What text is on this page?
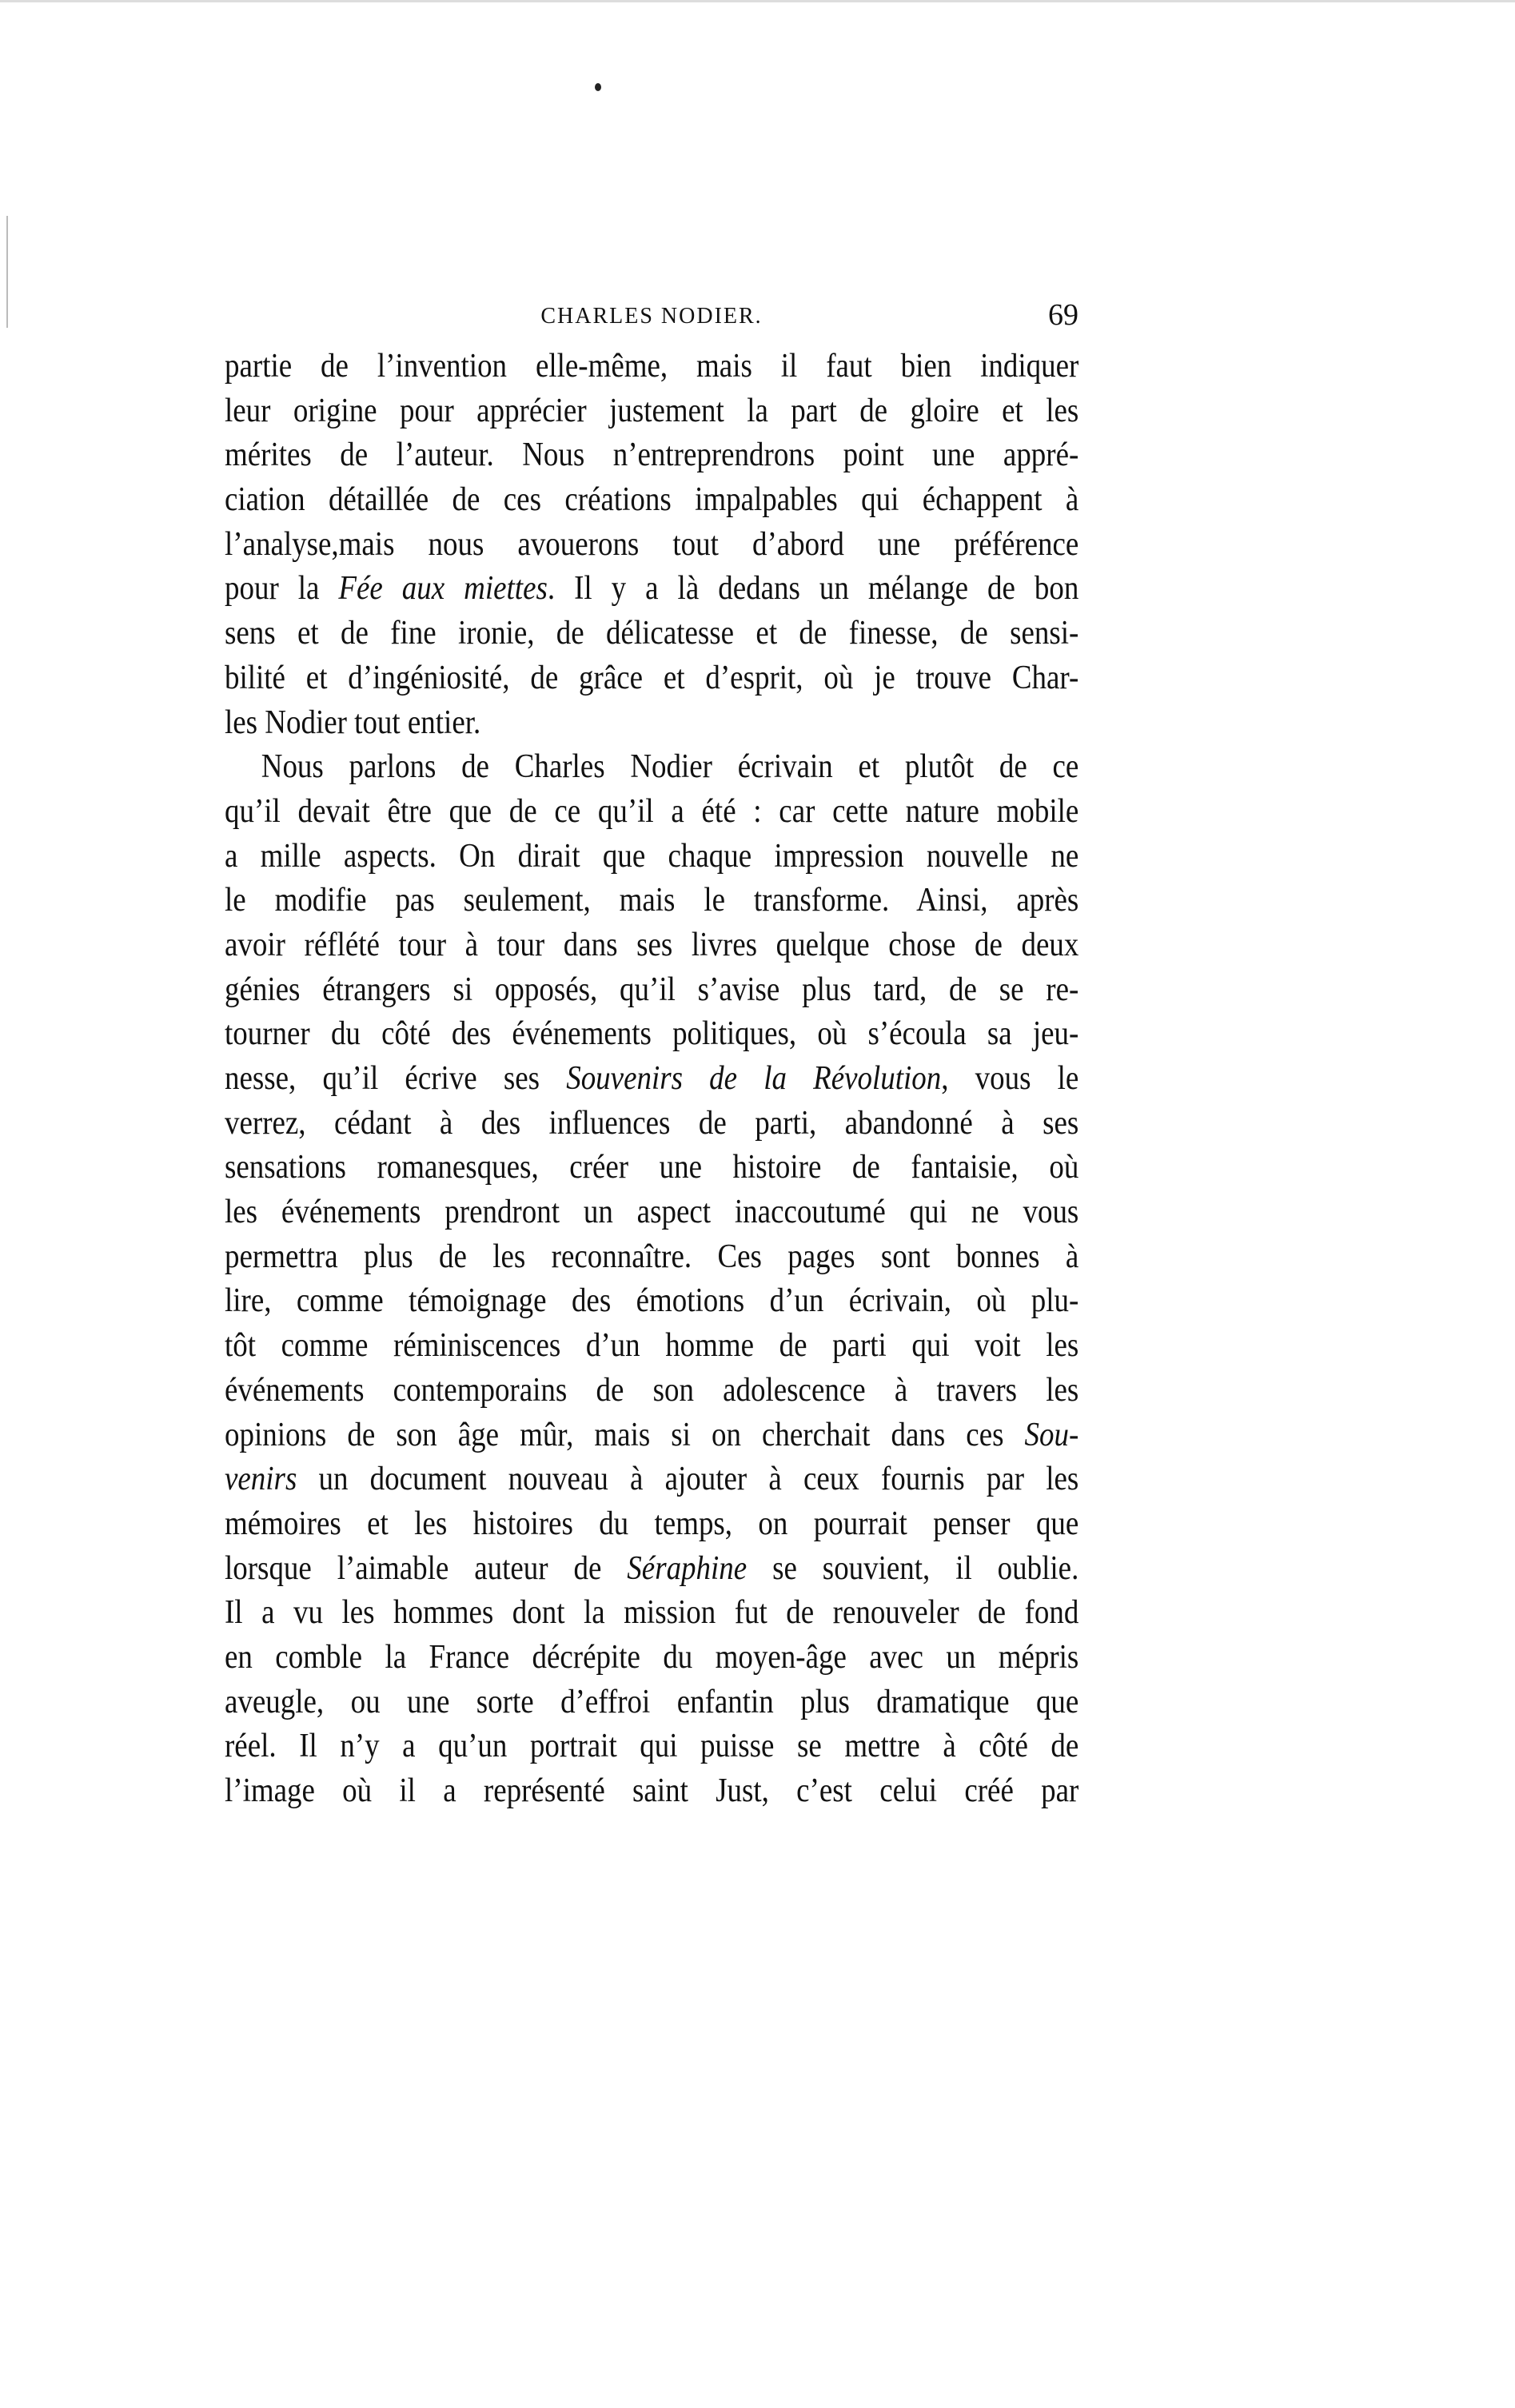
CHARLES NODIER.	69
partie de l’invention elle-même, mais il faut bien indiquer
leur origine pour apprécier justement la part de gloire et les
mérites de l’auteur. Nous n’entreprendrons point une appré-
ciation détaillée de ces créations impalpables qui échappent à
l’analyse,mais nous avouerons tout d’abord une préférence
pour la Fée aux miettes. Il y a là dedans un mélange de bon
sens et de fine ironie, de délicatesse et de finesse, de sensi-
bilité et d’ingéniosité, de grâce et d’esprit, où je trouve Char-
les Nodier tout entier.
Nous parlons de Charles Nodier écrivain et plutôt de ce
qu’il devait être que de ce qu’il a été : car cette nature mobile
a mille aspects. On dirait que chaque impression nouvelle ne
le modifie pas seulement, mais le transforme. Ainsi, après
avoir réflété tour à tour dans ses livres quelque chose de deux
génies étrangers si opposés, qu’il s’avise plus tard, de se re-
tourner du côté des événements politiques, où s’écoula sa jeu-
nesse, qu’il écrive ses Souvenirs de la Révolution, vous le
verrez, cédant à des influences de parti, abandonné à ses
sensations romanesques, créer une histoire de fantaisie, où
les événements prendront un aspect inaccoutumé qui ne vous
permettra plus de les reconnaître. Ces pages sont bonnes à
lire, comme témoignage des émotions d’un écrivain, où plu-
tôt comme réminiscences d’un homme de parti qui voit les
événements contemporains de son adolescence à travers les
opinions de son âge mûr, mais si on cherchait dans ces Sou-
venirs un document nouveau à ajouter à ceux fournis par les
mémoires et les histoires du temps, on pourrait penser que
lorsque l’aimable auteur de Séraphine se souvient, il oublie.
Il a vu les hommes dont la mission fut de renouveler de fond
en comble la France décrépite du moyen-âge avec un mépris
aveugle, ou une sorte d’effroi enfantin plus dramatique que
réel. Il n’y a qu’un portrait qui puisse se mettre à côté de
l’image où il a représenté saint Just, c’est celui créé par
